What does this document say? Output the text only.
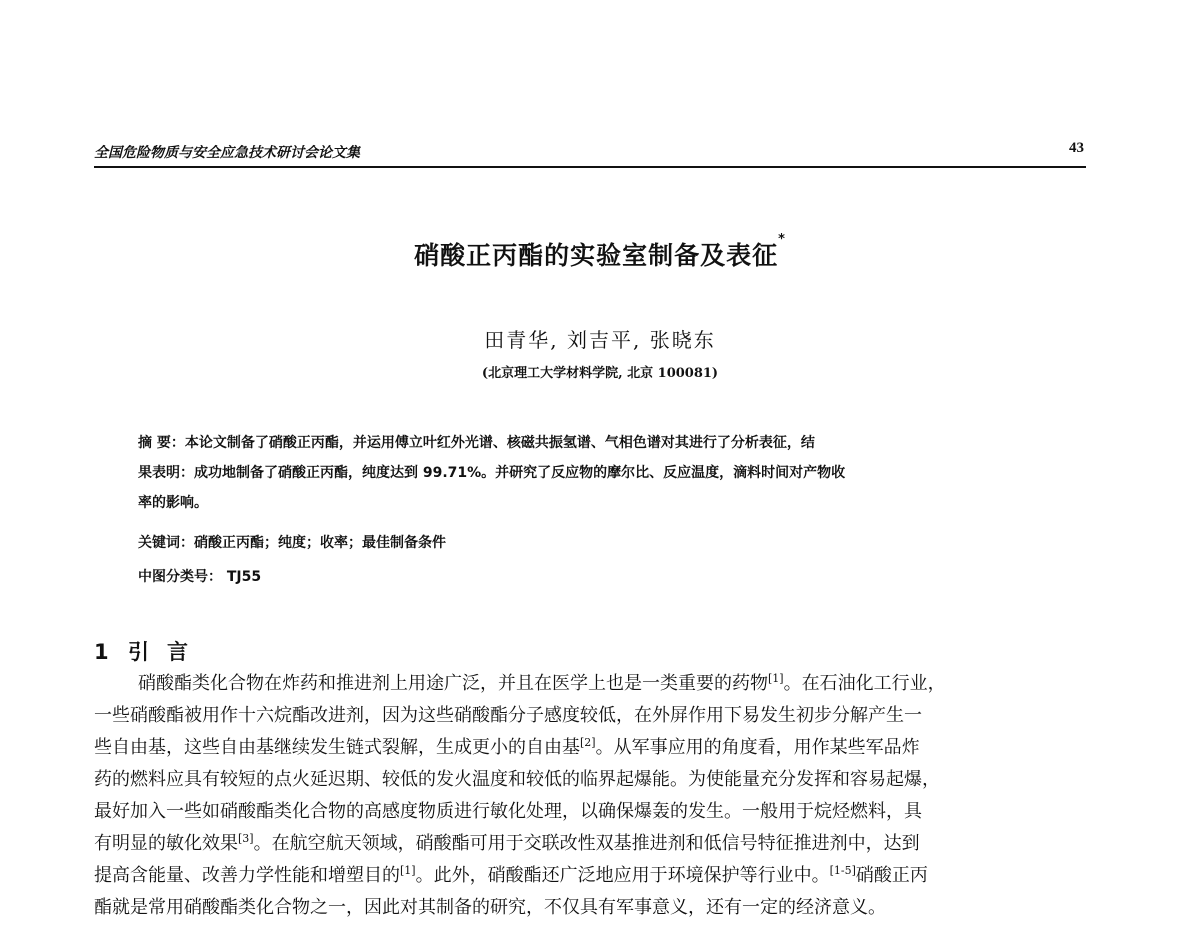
全国危险物质与安全应急技术研讨会论文集	43
硝酸正丙酯的实验室制备及表征*
田青华, 刘吉平, 张晓东
(北京理工大学材料学院, 北京 100081)
摘 要：本论文制备了硝酸正丙酯，并运用傅立叶红外光谱、核磁共振氢谱、气相色谱对其进行了分析表征，结
果表明：成功地制备了硝酸正丙酯，纯度达到 99.71%。并研究了反应物的摩尔比、反应温度，滴料时间对产物收
率的影响。
关键词：硝酸正丙酯；纯度；收率；最佳制备条件
中图分类号： TJ55
1 引言
硝酸酯类化合物在炸药和推进剂上用途广泛，并且在医学上也是一类重要的药物[1]。在石油化工行业，
一些硝酸酯被用作十六烷酯改进剂，因为这些硝酸酯分子感度较低，在外屏作用下易发生初步分解产生一
些自由基，这些自由基继续发生链式裂解，生成更小的自由基[2]。从军事应用的角度看，用作某些军品炸
药的燃料应具有较短的点火延迟期、较低的发火温度和较低的临界起爆能。为使能量充分发挥和容易起爆，
最好加入一些如硝酸酯类化合物的高感度物质进行敏化处理，以确保爆轰的发生。一般用于烷烃燃料，具
有明显的敏化效果[3]。在航空航天领域，硝酸酯可用于交联改性双基推进剂和低信号特征推进剂中，达到
提高含能量、改善力学性能和增塑目的[1]。此外，硝酸酯还广泛地应用于环境保护等行业中。[1-5]硝酸正丙
酯就是常用硝酸酯类化合物之一，因此对其制备的研究，不仅具有军事意义，还有一定的经济意义。
